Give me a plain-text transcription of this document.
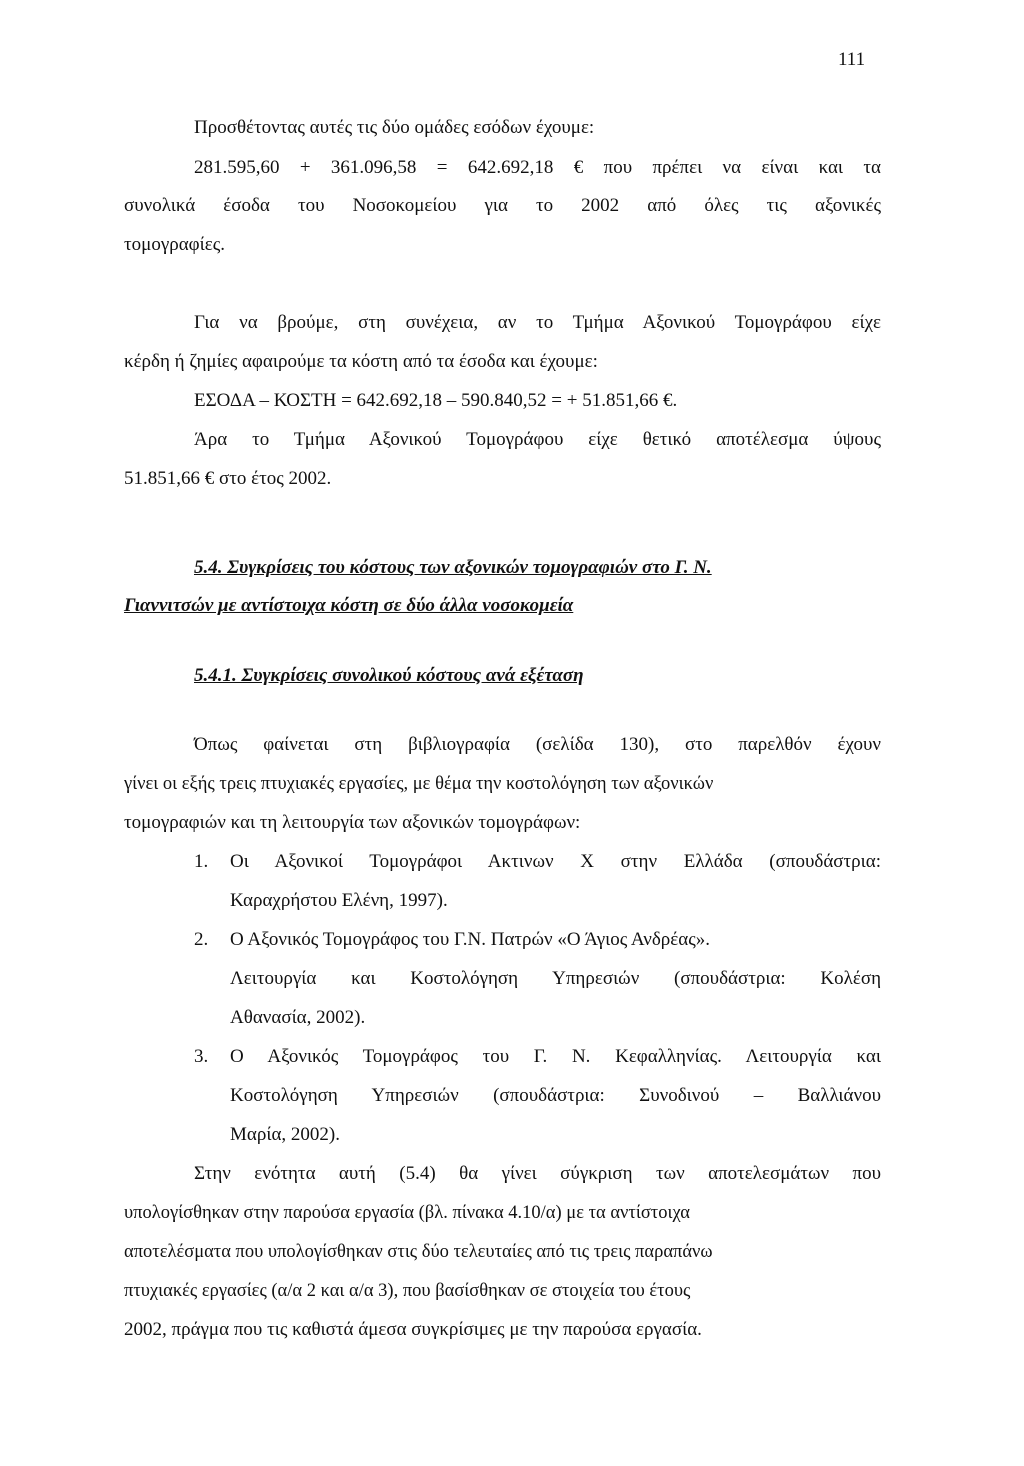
111
Προσθέτοντας αυτές τις δύο ομάδες εσόδων έχουμε:
281.595,60 + 361.096,58 = 642.692,18 € που πρέπει να είναι και τα
συνολικά έσοδα του Νοσοκομείου για το 2002 από όλες τις αξονικές
τομογραφίες.
Για να βρούμε, στη συνέχεια, αν το Τμήμα Αξονικού Τομογράφου είχε
κέρδη ή ζημίες αφαιρούμε τα κόστη από τα έσοδα και έχουμε:
ΕΣΟΔΑ – ΚΟΣΤΗ = 642.692,18 – 590.840,52 = + 51.851,66 €.
Άρα το Τμήμα Αξονικού Τομογράφου είχε θετικό αποτέλεσμα ύψους
51.851,66 € στο έτος 2002.
5.4. Συγκρίσεις του κόστους των αξονικών τομογραφιών στο Γ. Ν.
Γιαννιτσών με αντίστοιχα κόστη σε δύο άλλα νοσοκομεία
5.4.1. Συγκρίσεις συνολικού κόστους ανά εξέταση
Όπως φαίνεται στη βιβλιογραφία (σελίδα 130), στο παρελθόν έχουν
γίνει οι εξής τρεις πτυχιακές εργασίες, με θέμα την κοστολόγηση των αξονικών
τομογραφιών και τη λειτουργία των αξονικών τομογράφων:
1. Οι Αξονικοί Τομογράφοι Ακτινων Χ στην Ελλάδα (σπουδάστρια:
Καραχρήστου Ελένη, 1997).
2. Ο Αξονικός Τομογράφος του Γ.Ν. Πατρών «Ο Άγιος Ανδρέας».
Λειτουργία και Κοστολόγηση Υπηρεσιών (σπουδάστρια: Κολέση
Αθανασία, 2002).
3. Ο Αξονικός Τομογράφος του Γ. Ν. Κεφαλληνίας. Λειτουργία και
Κοστολόγηση Υπηρεσιών (σπουδάστρια: Συνοδινού – Βαλλιάνου
Μαρία, 2002).
Στην ενότητα αυτή (5.4) θα γίνει σύγκριση των αποτελεσμάτων που
υπολογίσθηκαν στην παρούσα εργασία (βλ. πίνακα 4.10/α) με τα αντίστοιχα
αποτελέσματα που υπολογίσθηκαν στις δύο τελευταίες από τις τρεις παραπάνω
πτυχιακές εργασίες (α/α 2 και α/α 3), που βασίσθηκαν σε στοιχεία του έτους
2002, πράγμα που τις καθιστά άμεσα συγκρίσιμες με την παρούσα εργασία.
